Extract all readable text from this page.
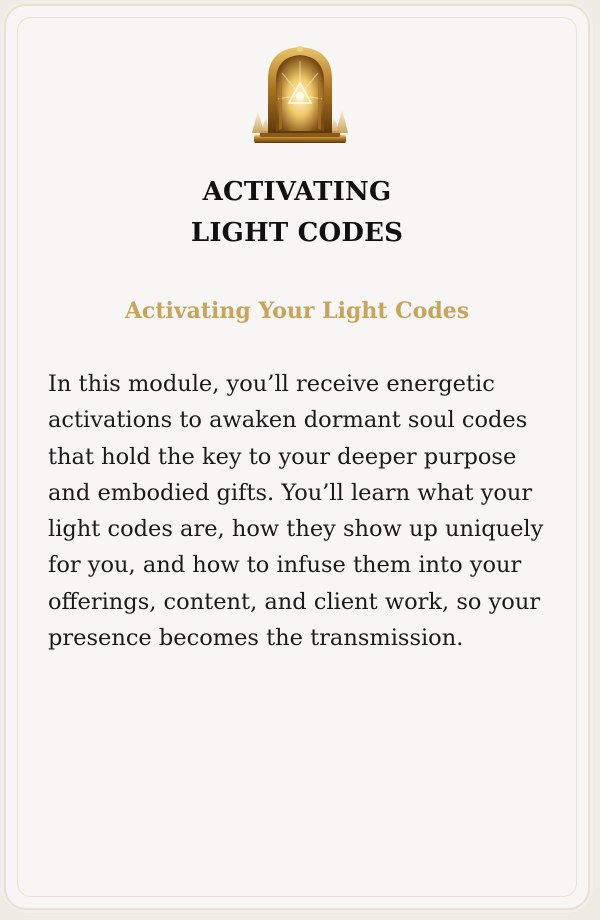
ACTIVATING
LIGHT CODES
Activating Your Light Codes

In this module, you’ll receive energetic activations to awaken dormant soul codes that hold the key to your deeper purpose and embodied gifts. You’ll learn what your light codes are, how they show up uniquely for you, and how to infuse them into your offerings, content, and client work, so your presence becomes the transmission.
